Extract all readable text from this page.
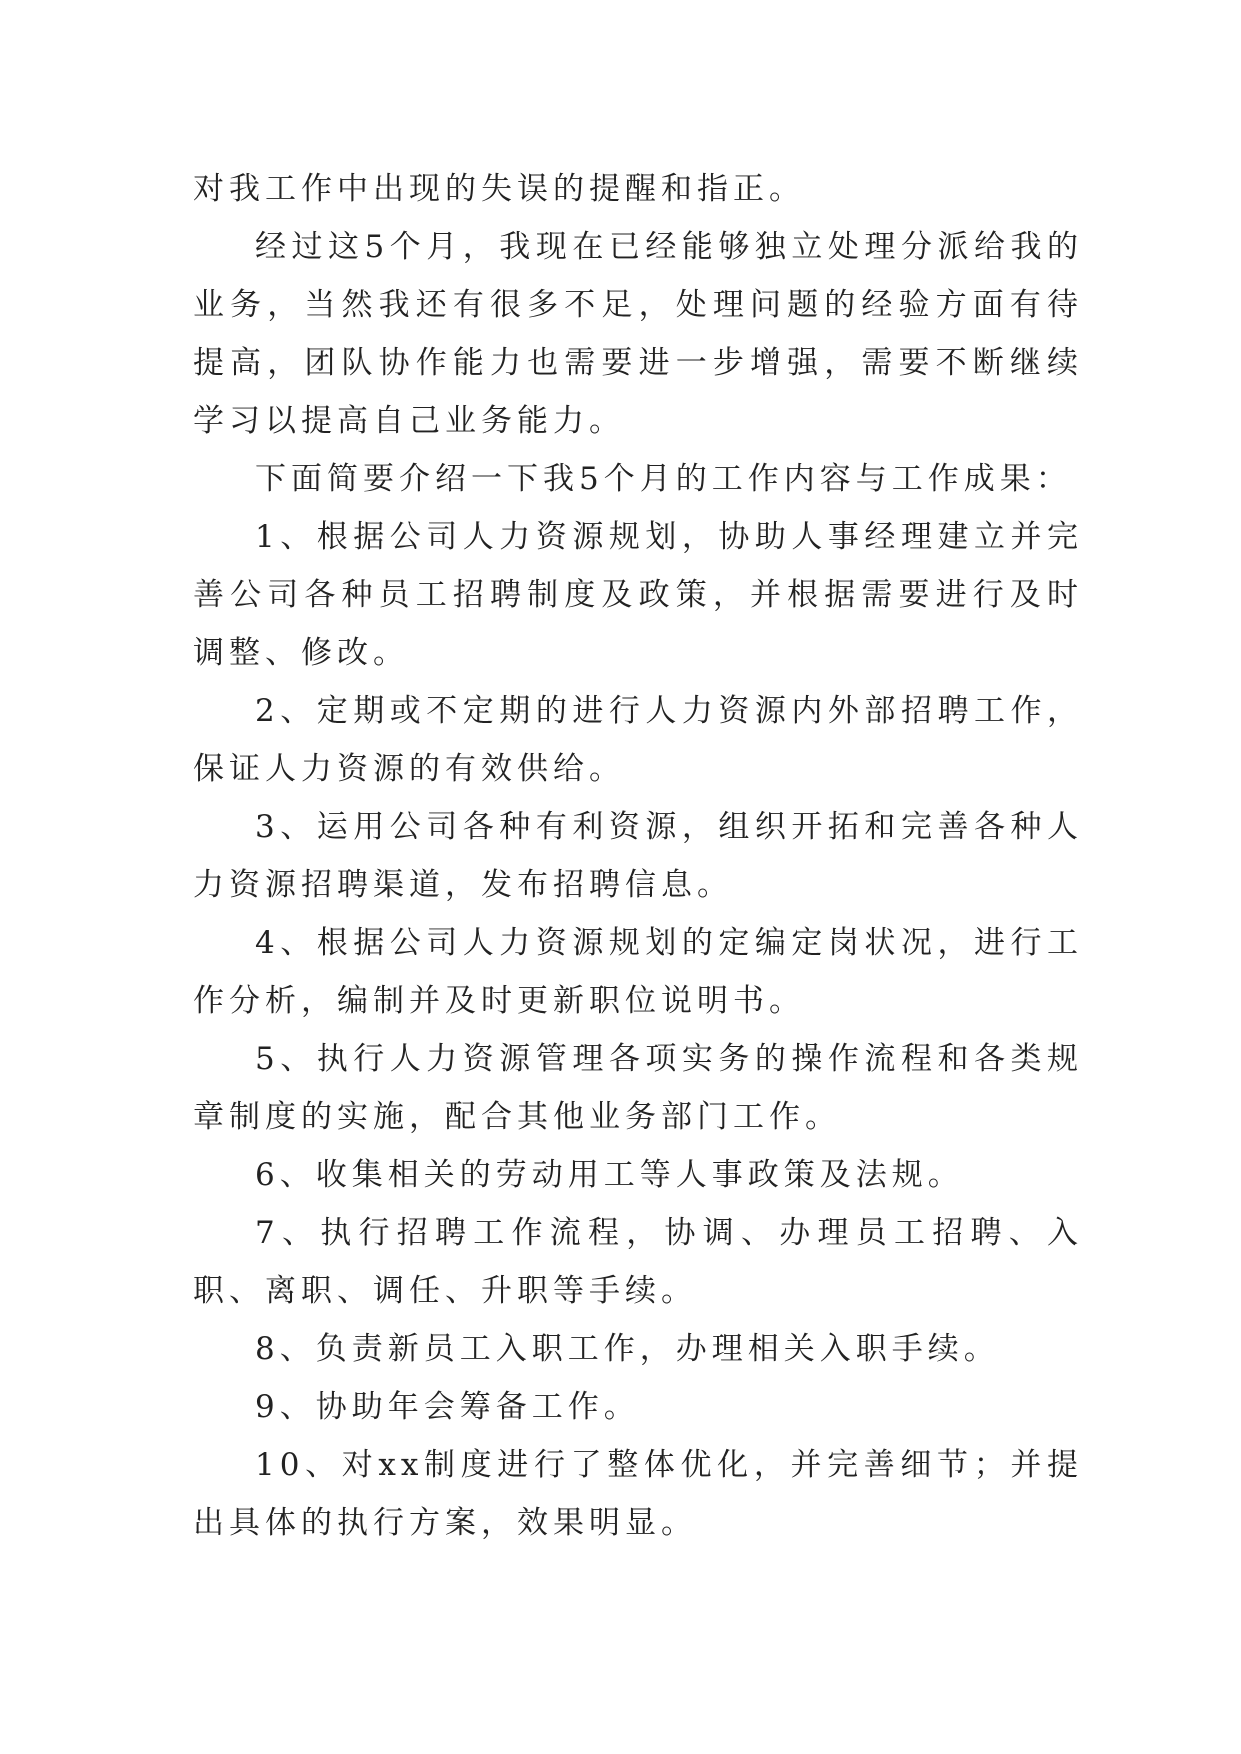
对我工作中出现的失误的提醒和指正。

经过这5个月，我现在已经能够独立处理分派给我的业务，当然我还有很多不足，处理问题的经验方面有待提高，团队协作能力也需要进一步增强，需要不断继续学习以提高自己业务能力。

下面简要介绍一下我5个月的工作内容与工作成果：

1、根据公司人力资源规划，协助人事经理建立并完善公司各种员工招聘制度及政策，并根据需要进行及时调整、修改。

2、定期或不定期的进行人力资源内外部招聘工作，保证人力资源的有效供给。

3、运用公司各种有利资源，组织开拓和完善各种人力资源招聘渠道，发布招聘信息。

4、根据公司人力资源规划的定编定岗状况，进行工作分析，编制并及时更新职位说明书。

5、执行人力资源管理各项实务的操作流程和各类规章制度的实施，配合其他业务部门工作。

6、收集相关的劳动用工等人事政策及法规。

7、执行招聘工作流程，协调、办理员工招聘、入职、离职、调任、升职等手续。

8、负责新员工入职工作，办理相关入职手续。

9、协助年会筹备工作。

10、对xx制度进行了整体优化，并完善细节；并提出具体的执行方案，效果明显。
